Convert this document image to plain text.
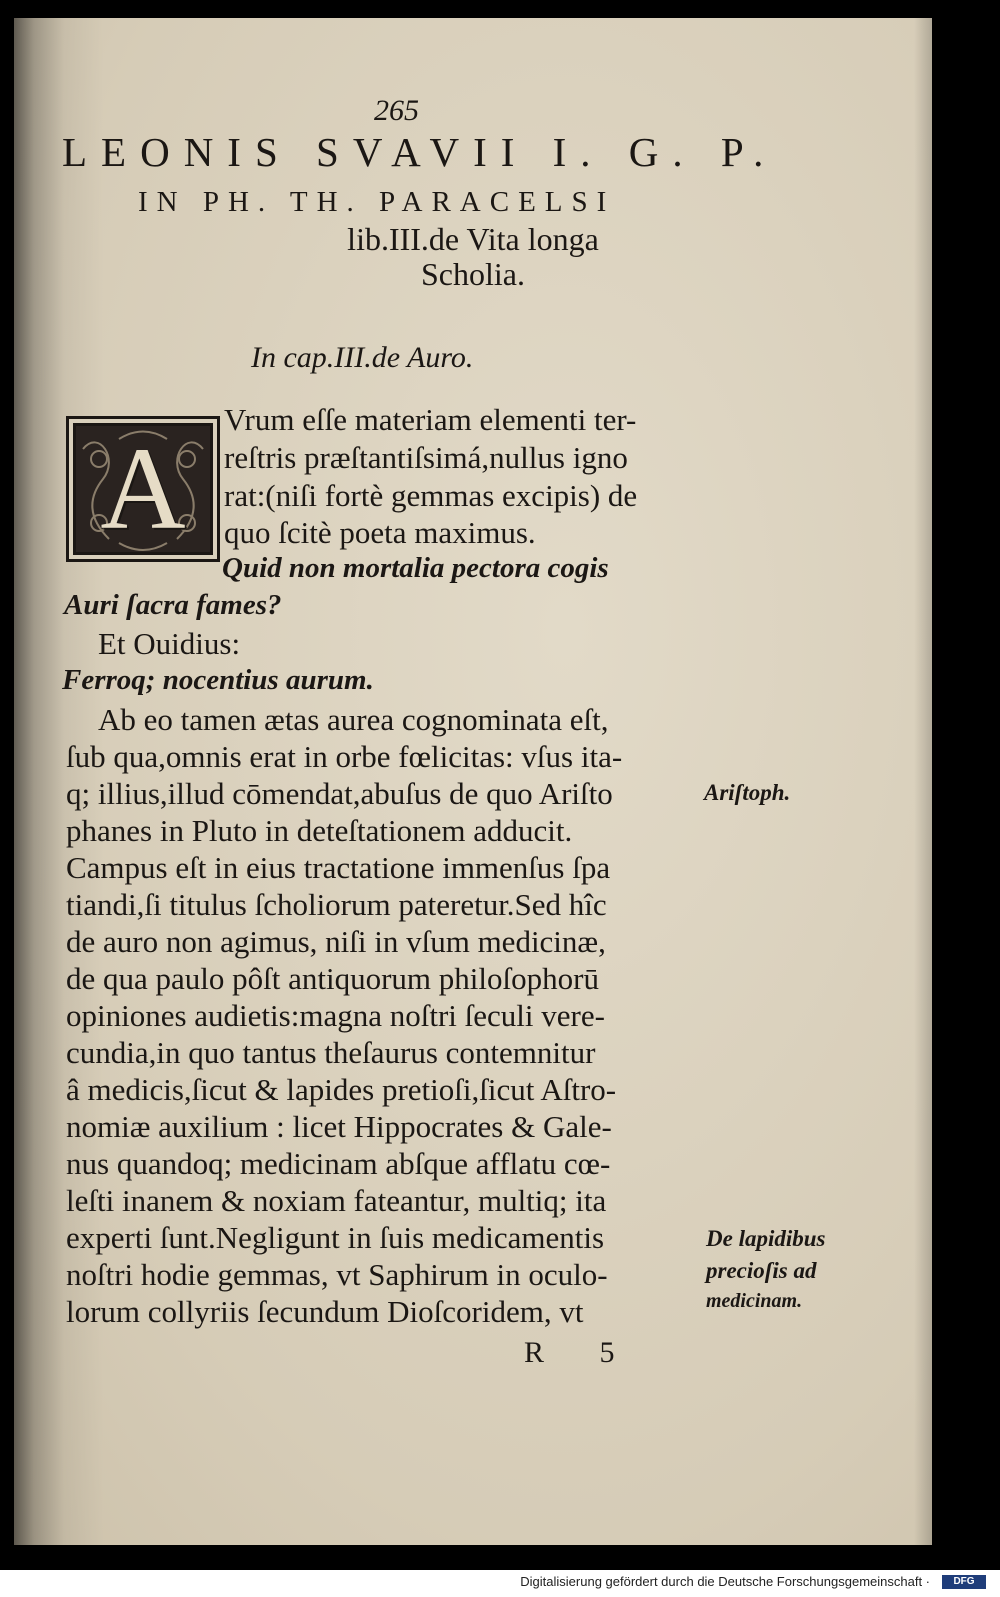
265
LEONIS SVAVII I. G. P.
IN PH. TH. PARACELSI
lib.III.de Vita longa
Scholia.
In cap.III.de Auro.
A
Vrum eſſe materiam elementi ter-
reſtris præſtantiſsimá,nullus igno
rat:(niſi fortè gemmas excipis) de
quo ſcitè poeta maximus.
Quid non mortalia pectora cogis
Auri ſacra fames?
Et Ouidius:
Ferroq; nocentius aurum.
Ab eo tamen ætas aurea cognominata eſt,
ſub qua,omnis erat in orbe fœlicitas: vſus ita-
q; illius,illud cōmendat,abuſus de quo Ariſto
phanes in Pluto in deteſtationem adducit.
Campus eſt in eius tractatione immenſus ſpa
tiandi,ſi titulus ſcholiorum pateretur.Sed hîc
de auro non agimus, niſi in vſum medicinæ,
de qua paulo pôſt antiquorum philoſophorū
opiniones audietis:magna noſtri ſeculi vere-
cundia,in quo tantus theſaurus contemnitur
â medicis,ſicut & lapides pretioſi,ſicut Aſtro-
nomiæ auxilium : licet Hippocrates & Gale-
nus quandoq; medicinam abſque afflatu cœ-
leſti inanem & noxiam fateantur, multiq; ita
experti ſunt.Negligunt in ſuis medicamentis
noſtri hodie gemmas, vt Saphirum in oculo-
lorum collyriis ſecundum Dioſcoridem, vt
Ariſtoph.
De lapidibus
precioſis ad
medicinam.
R 5
Digitalisierung gefördert durch die Deutsche Forschungsgemeinschaft ·	DFG
